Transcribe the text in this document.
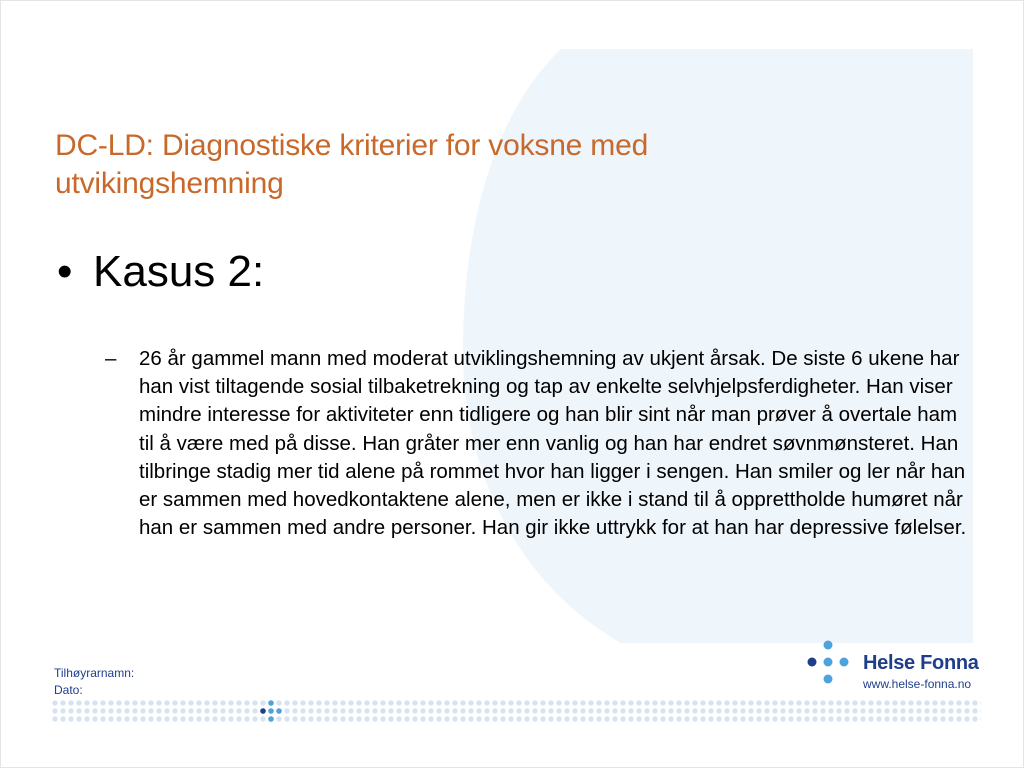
DC-LD: Diagnostiske kriterier for voksne med utvikingshemning
• Kasus 2:
–	26 år gammel mann med moderat utviklingshemning av ukjent årsak. De siste 6 ukene har han vist tiltagende sosial tilbaketrekning og tap av enkelte selvhjelpsferdigheter. Han viser mindre interesse for aktiviteter enn tidligere og han blir sint når man prøver å overtale ham til å være med på disse. Han gråter mer enn vanlig og han har endret søvnmønsteret. Han tilbringe stadig mer tid alene på rommet hvor han ligger i sengen. Han smiler og ler når han er sammen med hovedkontaktene alene, men er ikke i stand til å opprettholde humøret når han er sammen med andre personer. Han gir ikke uttrykk for at han har depressive følelser.
Tilhøyrarnamn:
Dato:
Helse Fonna
www.helse-fonna.no
